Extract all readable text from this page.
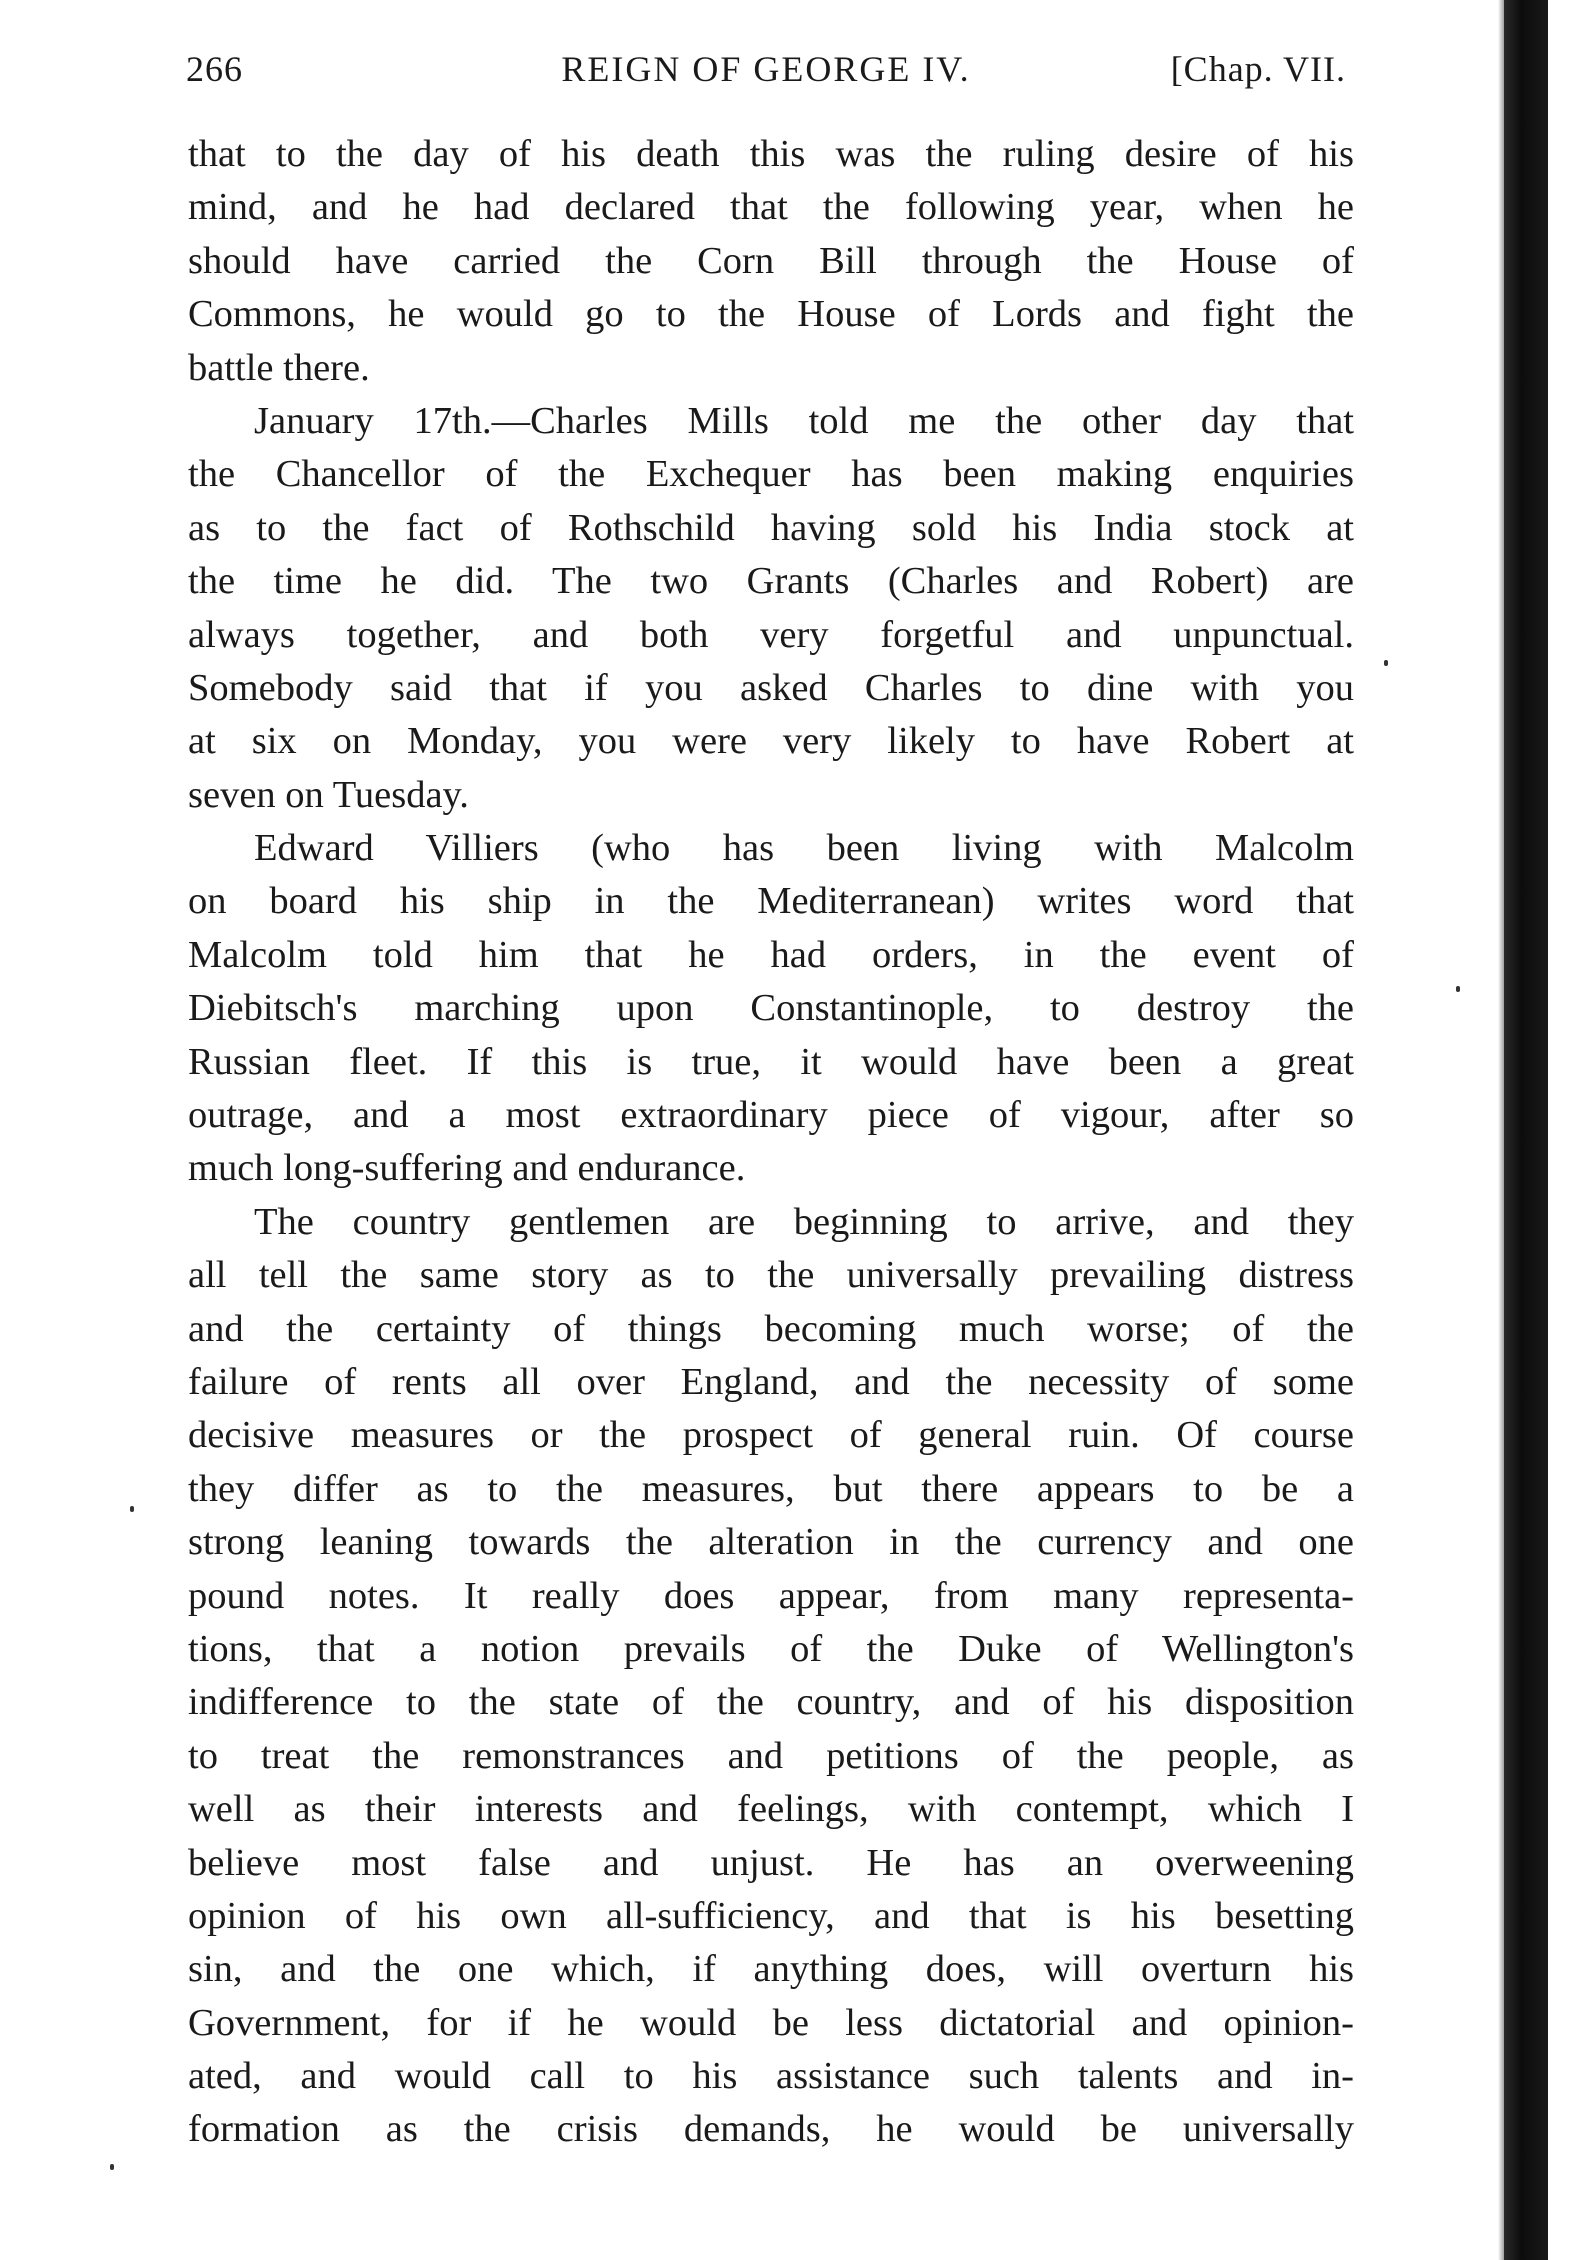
266	REIGN OF GEORGE IV.	[Chap. VII.
that to the day of his death this was the ruling desire of his
mind, and he had declared that the following year, when he
should have carried the Corn Bill through the House of
Commons, he would go to the House of Lords and fight the
battle there.
January 17th.—Charles Mills told me the other day that
the Chancellor of the Exchequer has been making enquiries
as to the fact of Rothschild having sold his India stock at
the time he did. The two Grants (Charles and Robert) are
always together, and both very forgetful and unpunctual.
Somebody said that if you asked Charles to dine with you
at six on Monday, you were very likely to have Robert at
seven on Tuesday.
Edward Villiers (who has been living with Malcolm
on board his ship in the Mediterranean) writes word that
Malcolm told him that he had orders, in the event of
Diebitsch's marching upon Constantinople, to destroy the
Russian fleet. If this is true, it would have been a great
outrage, and a most extraordinary piece of vigour, after so
much long-suffering and endurance.
The country gentlemen are beginning to arrive, and they
all tell the same story as to the universally prevailing distress
and the certainty of things becoming much worse; of the
failure of rents all over England, and the necessity of some
decisive measures or the prospect of general ruin. Of course
they differ as to the measures, but there appears to be a
strong leaning towards the alteration in the currency and one
pound notes. It really does appear, from many representa-
tions, that a notion prevails of the Duke of Wellington's
indifference to the state of the country, and of his disposition
to treat the remonstrances and petitions of the people, as
well as their interests and feelings, with contempt, which I
believe most false and unjust. He has an overweening
opinion of his own all-sufficiency, and that is his besetting
sin, and the one which, if anything does, will overturn his
Government, for if he would be less dictatorial and opinion-
ated, and would call to his assistance such talents and in-
formation as the crisis demands, he would be universally
